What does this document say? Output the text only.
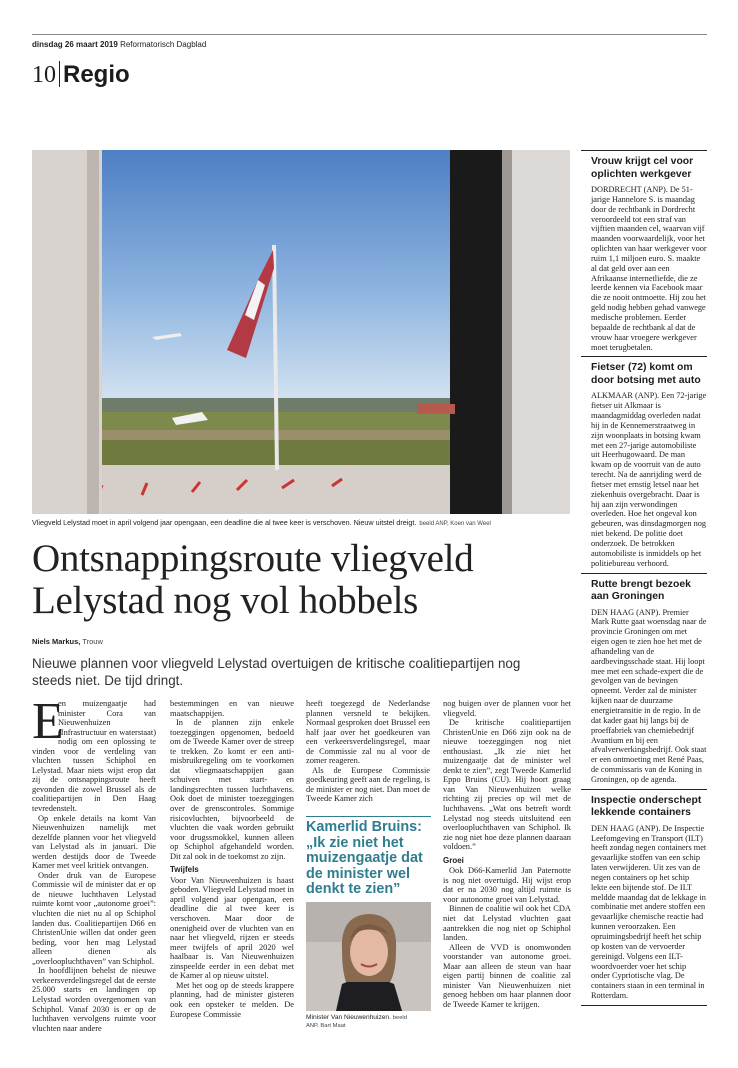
dinsdag 26 maart 2019 Reformatorisch Dagblad
10 Regio
Vliegveld Lelystad moet in april volgend jaar opengaan, een deadline die al twee keer is verschoven. Nieuw uitstel dreigt. beeld ANP, Koen van Weel
Ontsnappingsroute vliegveld
Lelystad nog vol hobbels
Niels Markus, Trouw
Nieuwe plannen voor vliegveld Lelystad overtuigen de kritische coalitiepartijen nog steeds niet. De tijd dringt.
E

en muizengaatje had minister Cora van Nieuwenhuizen (Infrastructuur en waterstaat) nodig om een oplossing te vinden voor de verdeling van vluchten tussen Schiphol en Lelystad. Maar niets wijst erop dat zij de ontsnappingsroute heeft gevonden die zowel Brussel als de coalitiepartijen in Den Haag tevredenstelt.

Op enkele details na komt Van Nieuwenhuizen namelijk met dezelfde plannen voor het vliegveld van Lelystad als in januari. Die werden destijds door de Tweede Kamer met veel kritiek ontvangen.

Onder druk van de Europese Commissie wil de minister dat er op de nieuwe luchthaven Lelystad ruimte komt voor „autonome groei”: vluchten die niet nu al op Schiphol landen dus. Coalitiepartijen D66 en ChristenUnie willen dat onder geen beding, voor hen mag Lelystad alleen dienen als „overloopluchthaven” van Schiphol.

In hoofdlijnen behelst de nieuwe verkeersverdelingsregel dat de eerste 25.000 starts en landingen op Lelystad worden overgenomen van Schiphol. Vanaf 2030 is er op de luchthaven vervolgens ruimte voor vluchten naar andere

bestemmingen en van nieuwe maatschappijen.

In de plannen zijn enkele toezeggingen opgenomen, bedoeld om de Tweede Kamer over de streep te trekken. Zo komt er een anti-misbruikregeling om te voorkomen dat vliegmaatschappijen gaan schuiven met start- en landingsrechten tussen luchthavens. Ook doet de minister toezeggingen over de grenscontroles. Sommige risicovluchten, bijvoorbeeld de vluchten die vaak worden gebruikt voor drugssmokkel, kunnen alleen op Schiphol afgehandeld worden. Dit zal ook in de toekomst zo zijn.

Twijfels

Voor Van Nieuwenhuizen is haast geboden. Vliegveld Lelystad moet in april volgend jaar opengaan, een deadline die al twee keer is verschoven. Maar door de onenigheid over de vluchten van en naar het vliegveld, rijzen er steeds meer twijfels of april 2020 wel haalbaar is. Van Nieuwenhuizen zinspeelde eerder in een debat met de Kamer al op nieuw uitstel.

Met het oog op de steeds krappere planning, had de minister gisteren ook een opsteker te melden. De Europese Commissie

heeft toegezegd de Nederlandse plannen versneld te bekijken. Normaal gesproken doet Brussel een half jaar over het goedkeuren van een verkeersverdelingsregel, maar de Commissie zal nu al voor de zomer reageren.

Als de Europese Commissie goedkeuring geeft aan de regeling, is de minister er nog niet. Dan moet de Tweede Kamer zich

Kamerlid Bruins:
„Ik zie niet het muizengaatje dat de minister wel denkt te zien”
Minister Van Nieuwenhuizen. beeld
ANP, Bart Maat

nog buigen over de plannen voor het vliegveld.

De kritische coalitiepartijen ChristenUnie en D66 zijn ook na de nieuwe toezeggingen nog niet enthousiast. „Ik zie niet het muizengaatje dat de minister wel denkt te zien”, zegt Tweede Kamerlid Eppo Bruins (CU). Hij hoort graag van Van Nieuwenhuizen welke richting zij precies op wil met de luchthavens. „Wat ons betreft wordt Lelystad nog steeds uitsluitend een overloopluchthaven van Schiphol. Ik zie nog niet hoe deze plannen daaraan voldoen.”

Groei

Ook D66-Kamerlid Jan Paternotte is nog niet overtuigd. Hij wijst erop dat er na 2030 nog altijd ruimte is voor autonome groei van Lelystad.

Binnen de coalitie wil ook het CDA niet dat Lelystad vluchten gaat aantrekken die nog niet op Schiphol landen.

Alleen de VVD is onomwonden voorstander van autonome groei. Maar aan alleen de steun van haar eigen partij binnen de coalitie zal minister Van Nieuwenhuizen niet genoeg hebben om haar plannen door de Tweede Kamer te krijgen.

Vrouw krijgt cel voor oplichten werkgever

DORDRECHT (ANP). De 51-jarige Hannelore S. is maandag door de rechtbank in Dordrecht veroordeeld tot een straf van vijftien maanden cel, waarvan vijf maanden voorwaardelijk, voor het oplichten van haar werkgever voor ruim 1,1 miljoen euro. S. maakte al dat geld over aan een Afrikaanse internetliefde, die ze leerde kennen via Facebook maar die ze nooit ontmoette. Hij zou het geld nodig hebben gehad vanwege medische problemen. Eerder bepaalde de rechtbank al dat de vrouw haar vroegere werkgever moet terugbetalen.

Fietser (72) komt om door botsing met auto

ALKMAAR (ANP). Een 72-jarige fietser uit Alkmaar is maandagmiddag overleden nadat hij in de Kennemerstraatweg in zijn woonplaats in botsing kwam met een 27-jarige automobiliste uit Heerhugowaard. De man kwam op de voorruit van de auto terecht. Na de aanrijding werd de fietser met ernstig letsel naar het ziekenhuis overgebracht. Daar is hij aan zijn verwondingen overleden. Hoe het ongeval kon gebeuren, was dinsdagmorgen nog niet bekend. De politie doet onderzoek. De betrokken automobiliste is inmiddels op het politiebureau verhoord.

Rutte brengt bezoek aan Groningen

DEN HAAG (ANP). Premier Mark Rutte gaat woensdag naar de provincie Groningen om met eigen ogen te zien hoe het met de afhandeling van de aardbevingsschade staat. Hij loopt mee met een schade-expert die de gevolgen van de bevingen opneemt. Verder zal de minister kijken naar de duurzame energietransitie in de regio. In de dat kader gaat hij langs bij de proeffabriek van chemiebedrijf Avantium en bij een afvalverwerkingsbedrijf. Ook staat er een ontmoeting met René Paas, de commissaris van de Koning in Groningen, op de agenda.

Inspectie onderschept lekkende containers

DEN HAAG (ANP). De Inspectie Leefomgeving en Transport (ILT) heeft zondag negen containers met gevaarlijke stoffen van een schip laten verwijderen. Uit zes van de negen containers op het schip lekte een bijtende stof. De ILT meldde maandag dat de lekkage in combinatie met andere stoffen een gevaarlijke chemische reactie had kunnen veroorzaken. Een opruimingsbedrijf heeft het schip op kosten van de vervoerder gereinigd. Volgens een ILT-woordvoerder voer het schip onder Cypriotische vlag. De containers staan in een terminal in Rotterdam.
